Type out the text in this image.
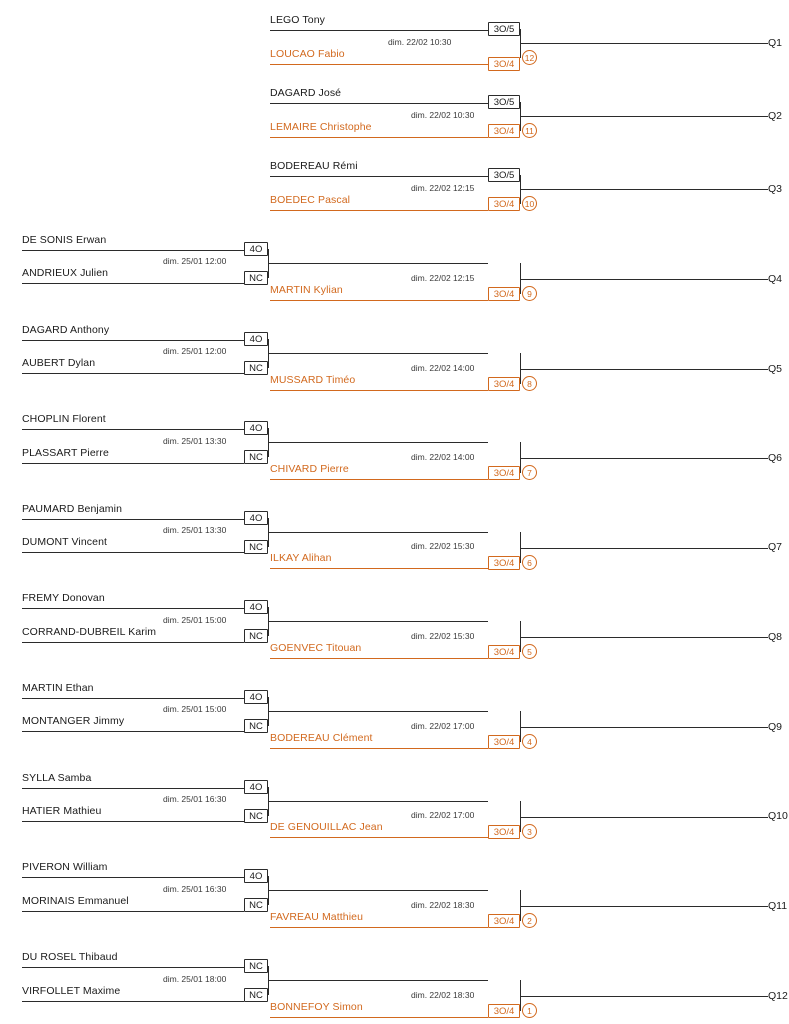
LEGO Tony
LOUCAO Fabio
dim. 22/02 10:30
3O/5
3O/4
12
Q1
DAGARD José
LEMAIRE Christophe
dim. 22/02 10:30
3O/5
3O/4	11
Q2
BODEREAU Rémi
BOEDEC Pascal
dim. 22/02 12:15
3O/5
3O/4	10
Q3
DE SONIS Erwan
ANDRIEUX Julien
dim. 25/01 12:00
4O
NC
MARTIN Kylian
dim. 22/02 12:15
3O/4	9
Q4
DAGARD Anthony
AUBERT Dylan
dim. 25/01 12:00
4O
NC
MUSSARD Timéo
dim. 22/02 14:00
3O/4	8
Q5
CHOPLIN Florent
PLASSART Pierre
dim. 25/01 13:30
4O
NC
CHIVARD Pierre
dim. 22/02 14:00
3O/4	7
Q6
PAUMARD Benjamin
DUMONT Vincent
dim. 25/01 13:30
4O
NC
ILKAY Alihan
dim. 22/02 15:30
3O/4	6
Q7
FREMY Donovan
CORRAND-DUBREIL Karim
dim. 25/01 15:00
4O
NC
GOENVEC Titouan
dim. 22/02 15:30
3O/4	5
Q8
MARTIN Ethan
MONTANGER Jimmy
dim. 25/01 15:00
4O
NC
BODEREAU Clément
dim. 22/02 17:00
3O/4	4
Q9
SYLLA Samba
HATIER Mathieu
dim. 25/01 16:30
4O
NC
DE GENOUILLAC Jean
dim. 22/02 17:00
3O/4	3
Q10
PIVERON William
MORINAIS Emmanuel
dim. 25/01 16:30
4O
NC
FAVREAU Matthieu
dim. 22/02 18:30
3O/4	2
Q11
DU ROSEL Thibaud
VIRFOLLET Maxime
dim. 25/01 18:00
NC
NC
BONNEFOY Simon
dim. 22/02 18:30
3O/4	1
Q12
